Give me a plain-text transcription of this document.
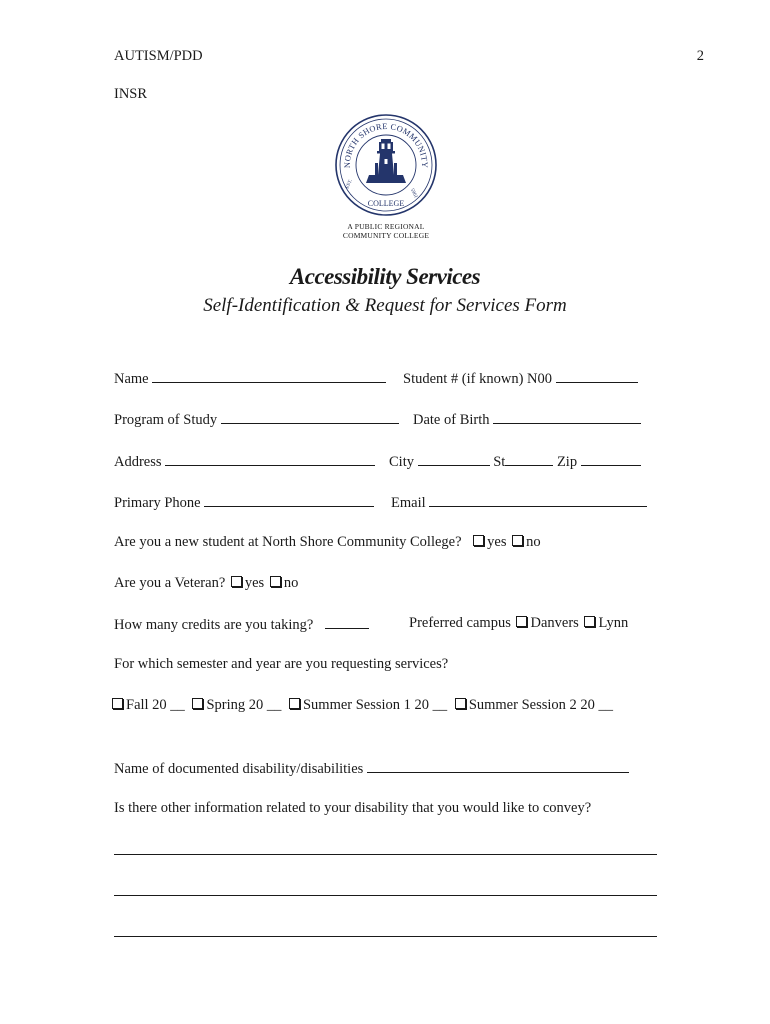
AUTISM/PDD	2
INSR
NORTH SHORE COMMUNITY
COLLEGE
EST.
1965
A PUBLIC REGIONAL
COMMUNITY COLLEGE
Accessibility Services
Self-Identification & Request for Services Form
Name	Student # (if known) N00
Program of Study	Date of Birth
Address	City	St	Zip
Primary Phone	Email
Are you a new student at North Shore Community College? yes no
Are you a Veteran? yes no
How many credits are you taking?	Preferred campus Danvers Lynn
For which semester and year are you requesting services?
Fall 20 __ Spring 20 __ Summer Session 1 20 __ Summer Session 2 20 __
Name of documented disability/disabilities
Is there other information related to your disability that you would like to convey?
